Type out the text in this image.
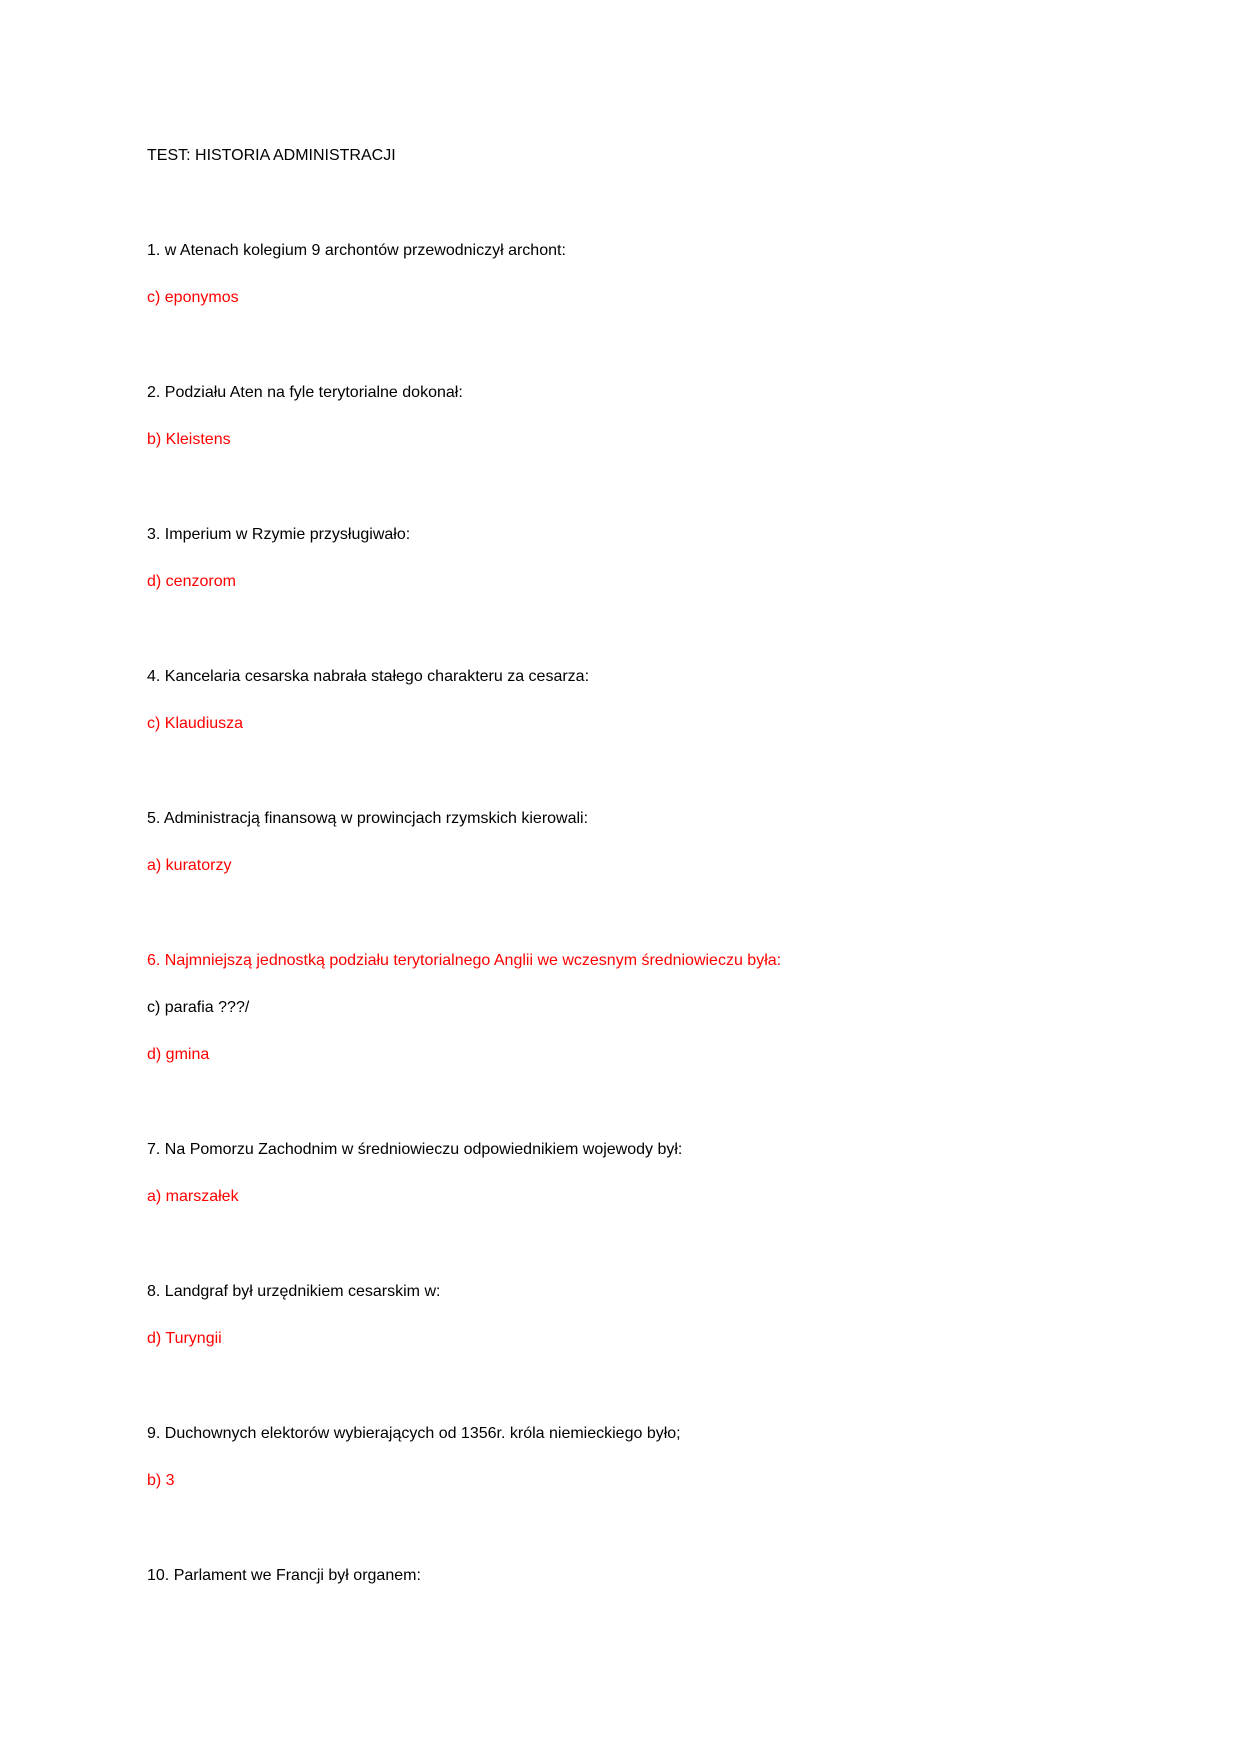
TEST: HISTORIA ADMINISTRACJI
1. w Atenach kolegium 9 archontów przewodniczył archont:
c) eponymos
2. Podziału Aten na fyle terytorialne dokonał:
b) Kleistens
3. Imperium w Rzymie przysługiwało:
d) cenzorom
4. Kancelaria cesarska nabrała stałego charakteru za cesarza:
c) Klaudiusza
5. Administracją finansową w prowincjach rzymskich kierowali:
a) kuratorzy
6. Najmniejszą jednostką podziału terytorialnego Anglii we wczesnym średniowieczu była:
c) parafia ???/
d) gmina
7. Na Pomorzu Zachodnim w średniowieczu odpowiednikiem wojewody był:
a) marszałek
8. Landgraf był urzędnikiem cesarskim w:
d) Turyngii
9. Duchownych elektorów wybierających od 1356r. króla niemieckiego było;
b) 3
10. Parlament we Francji był organem:
